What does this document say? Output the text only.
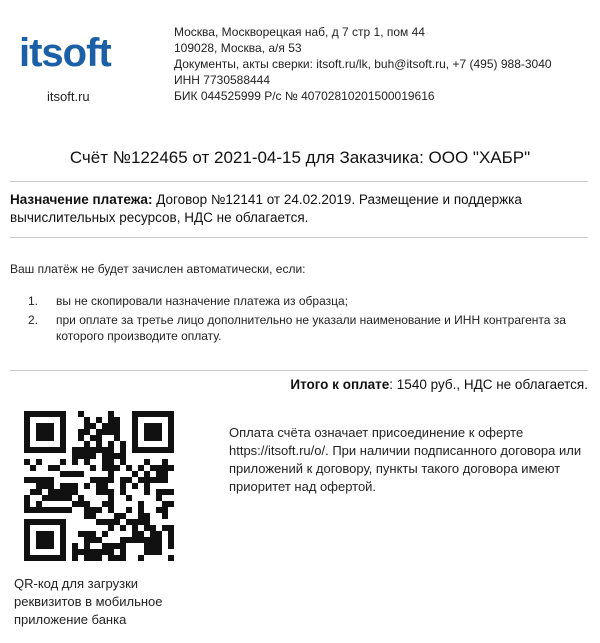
itsoft
itsoft.ru
Москва, Москворецкая наб, д 7 стр 1, пом 44
109028, Москва, а/я 53
Документы, акты сверки: itsoft.ru/lk, buh@itsoft.ru, +7 (495) 988-3040
ИНН 7730588444
БИК 044525999 Р/с № 40702810201500019616
Счёт №122465 от 2021-04-15 для Заказчика: ООО "ХАБР"
Назначение платежа: Договор №12141 от 24.02.2019. Размещение и поддержка вычислительных ресурсов, НДС не облагается.
Ваш платёж не будет зачислен автоматически, если:
1. вы не скопировали назначение платежа из образца;
2. при оплате за третье лицо дополнительно не указали наименование и ИНН контрагента за которого производите оплату.
Итого к оплате: 1540 руб., НДС не облагается.
QR-код для загрузки реквизитов в мобильное приложение банка
Оплата счёта означает присоединение к оферте https://itsoft.ru/o/. При наличии подписанного договора или приложений к договору, пункты такого договора имеют приоритет над офертой.
